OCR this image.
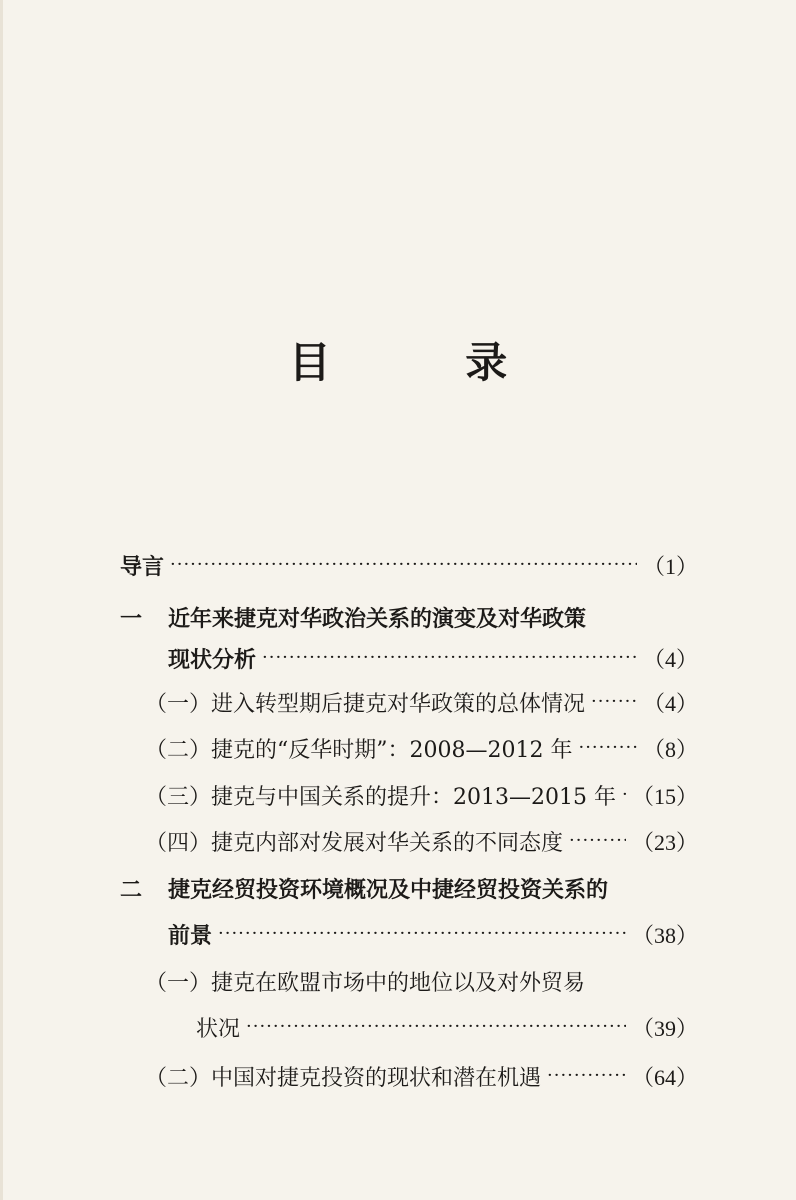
目 录
导言 ·····	（1）
一	近年来捷克对华政治关系的演变及对华政策
现状分析 ·····	（4）
（一）进入转型期后捷克对华政策的总体情况 ·····	（4）
（二）捷克的“反华时期”：2008—2012 年 ·····	（8）
（三）捷克与中国关系的提升：2013—2015 年 ····· （15）
（四）捷克内部对发展对华关系的不同态度 ·····	（23）
二	捷克经贸投资环境概况及中捷经贸投资关系的
前景 ·····	（38）
（一）捷克在欧盟市场中的地位以及对外贸易
状况 ·····	（39）
（二）中国对捷克投资的现状和潜在机遇 ·····	（64）
